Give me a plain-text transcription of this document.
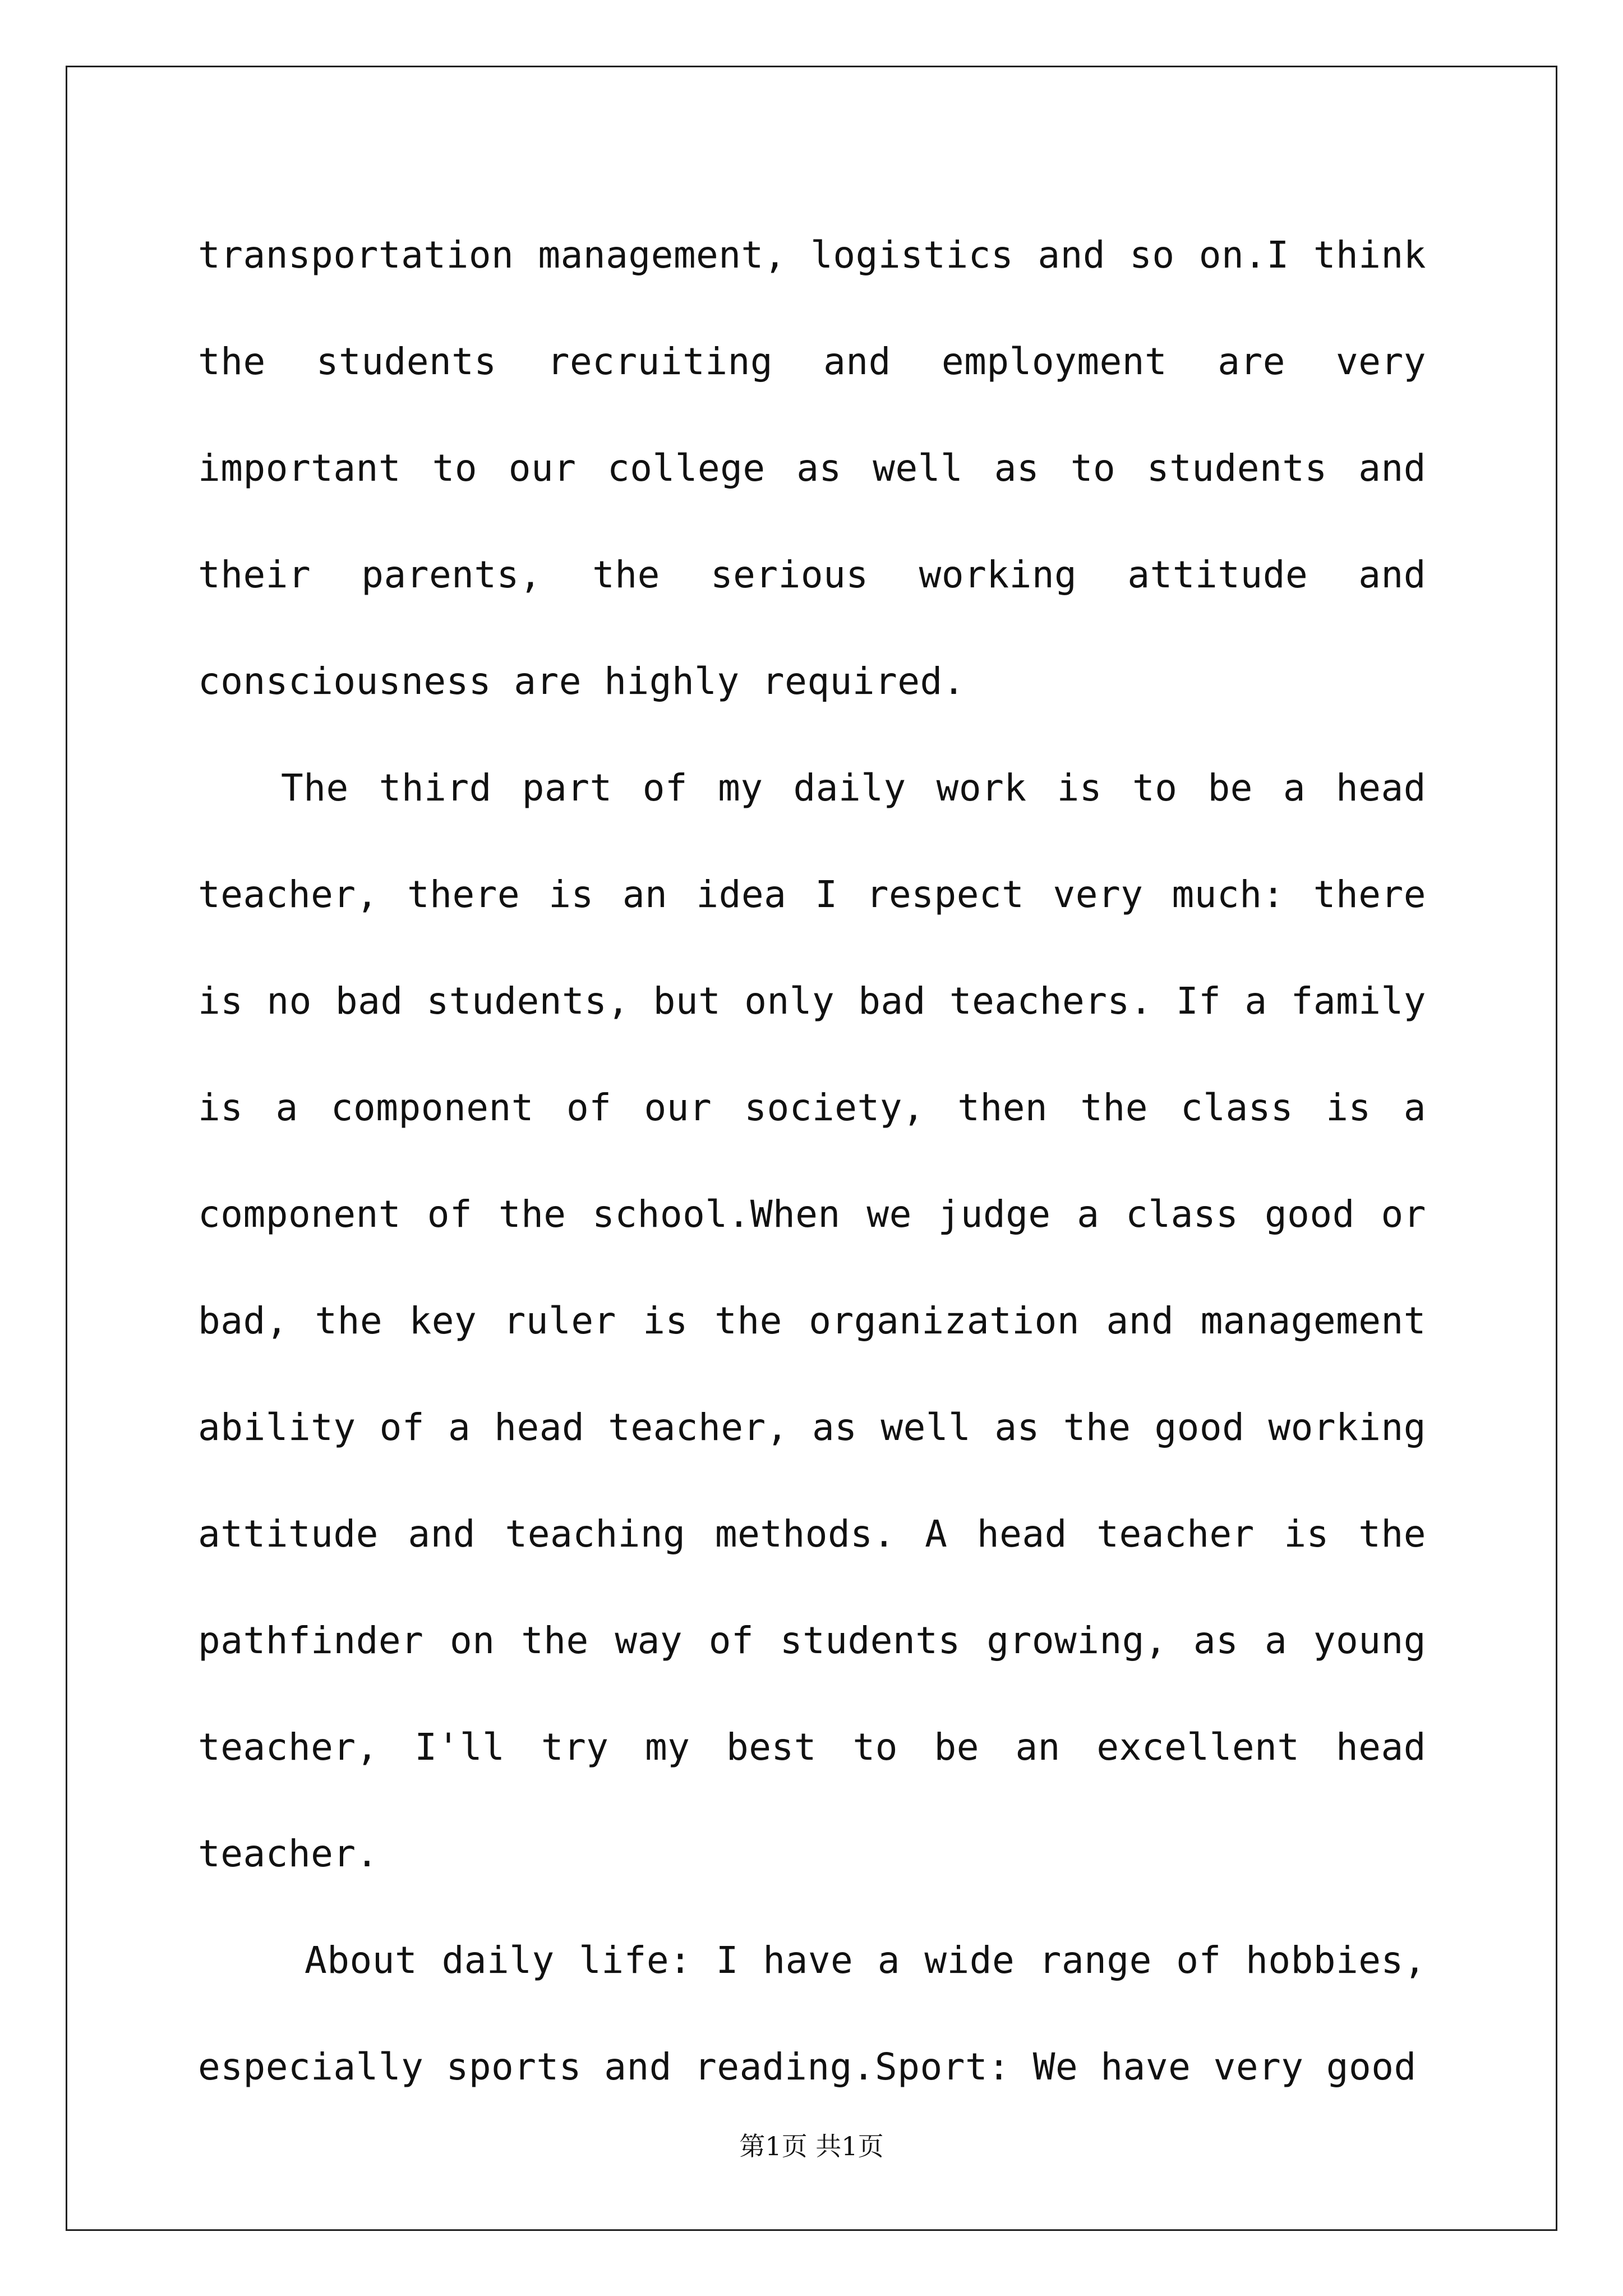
transportation management, logistics and so on.I think the students recruiting and employment are very important to our college as well as to students and their parents, the serious working attitude and consciousness are highly required.

The third part of my daily work is to be a head teacher, there is an idea I respect very much: there is no bad students, but only bad teachers. If a family is a component of our society, then the class is a component of the school.When we judge a class good or bad, the key ruler is the organization and management ability of a head teacher, as well as the good working attitude and teaching methods. A head teacher is the pathfinder on the way of students growing, as a young teacher, I'll try my best to be an excellent head teacher.

About daily life: I have a wide range of hobbies, especially sports and reading.Sport: We have very good

第1页 共1页
